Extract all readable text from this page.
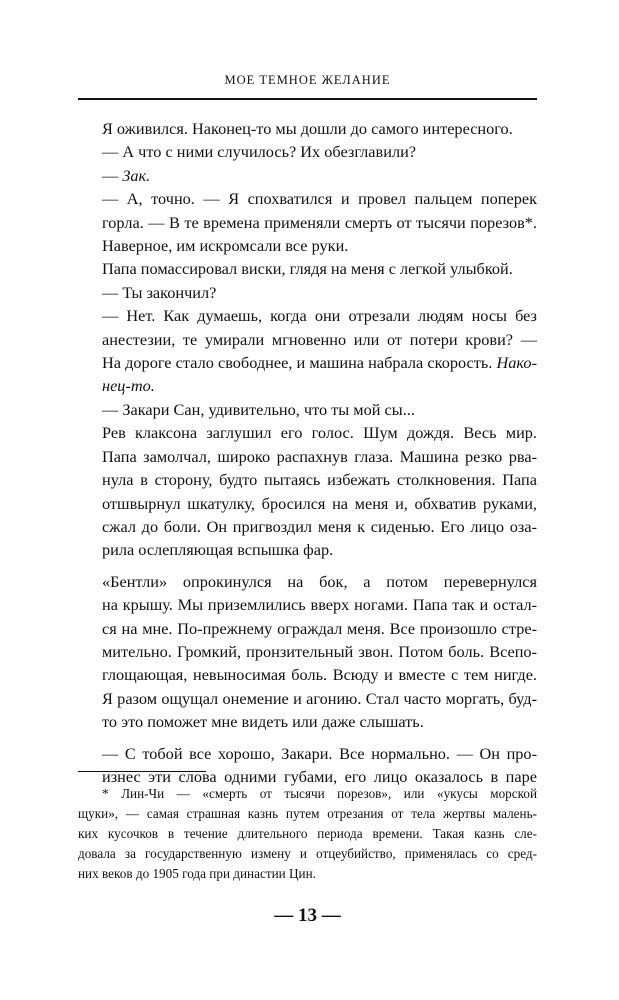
МОЕ ТЕМНОЕ ЖЕЛАНИЕ

Я оживился. Наконец-то мы дошли до самого интересного.

— А что с ними случилось? Их обезглавили?

— Зак.

— А, точно. — Я спохватился и провел пальцем поперек
горла. — В те времена применяли смерть от тысячи порезов*.
Наверное, им искромсали все руки.

Папа помассировал виски, глядя на меня с легкой улыбкой.

— Ты закончил?

— Нет. Как думаешь, когда они отрезали людям носы без
анестезии, те умирали мгновенно или от потери крови? —
На дороге стало свободнее, и машина набрала скорость. Нако-
нец-то.

— Закари Сан, удивительно, что ты мой сы...

Рев клаксона заглушил его голос. Шум дождя. Весь мир.
Папа замолчал, широко распахнув глаза. Машина резко рва-
нула в сторону, будто пытаясь избежать столкновения. Папа
отшвырнул шкатулку, бросился на меня и, обхватив руками,
сжал до боли. Он пригвоздил меня к сиденью. Его лицо оза-
рила ослепляющая вспышка фар.

«Бентли» опрокинулся на бок, а потом перевернулся
на крышу. Мы приземлились вверх ногами. Папа так и остал-
ся на мне. По-прежнему ограждал меня. Все произошло стре-
мительно. Громкий, пронзительный звон. Потом боль. Всепо-
глощающая, невыносимая боль. Всюду и вместе с тем нигде.
Я разом ощущал онемение и агонию. Стал часто моргать, буд-
то это поможет мне видеть или даже слышать.

— С тобой все хорошо, Закари. Все нормально. — Он про-
изнес эти слова одними губами, его лицо оказалось в паре

* Лин-Чи — «смерть от тысячи порезов», или «укусы морской
щуки», — самая страшная казнь путем отрезания от тела жертвы малень-
ких кусочков в течение длительного периода времени. Такая казнь сле-
довала за государственную измену и отцеубийство, применялась со сред-
них веков до 1905 года при династии Цин.
— 13 —
